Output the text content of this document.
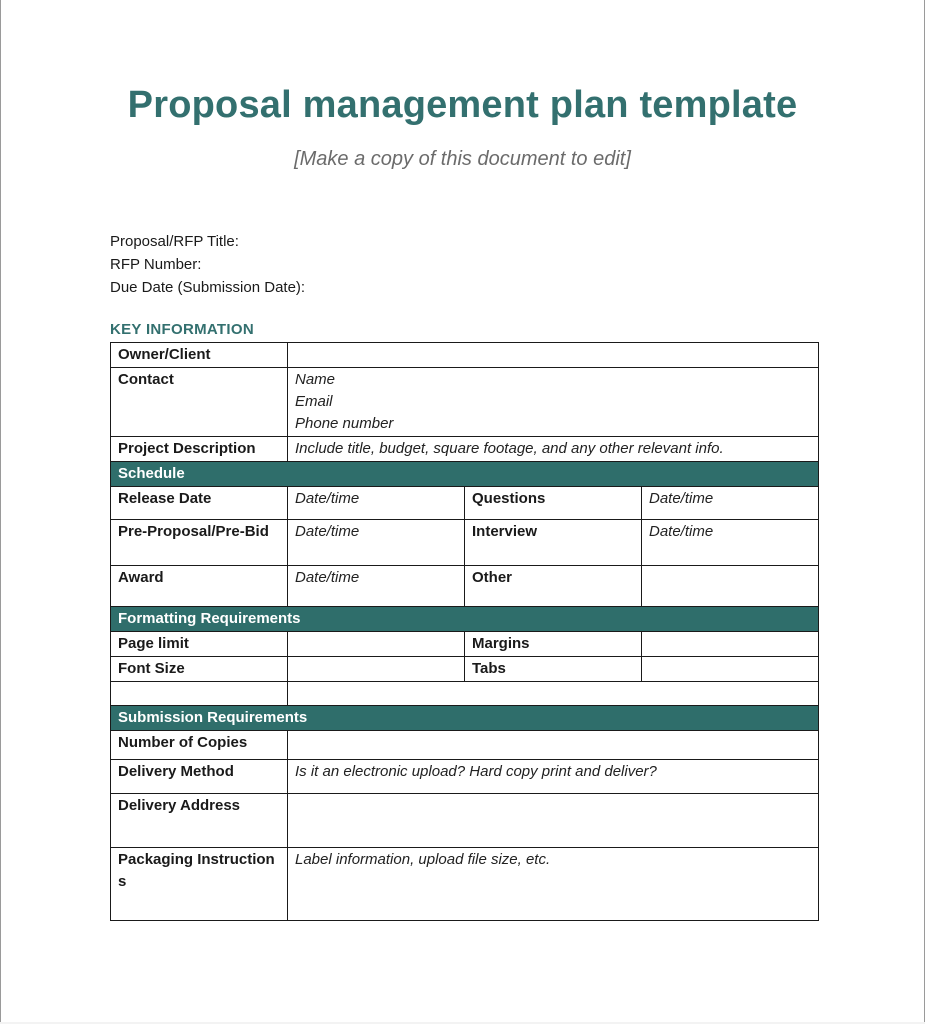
Proposal management plan template
[Make a copy of this document to edit]
Proposal/RFP Title:
RFP Number:
Due Date (Submission Date):
KEY INFORMATION
Owner/Client			
Contact	Name
Email
Phone number		

Project Description	Include title, budget, square footage, and any other relevant info.		
Schedule			
Release Date	Date/time	Questions	Date/time
Pre-Proposal/Pre-Bid	Date/time	Interview	Date/time
Award	Date/time	Other	
Formatting Requirements			
Page limit		Margins	
Font Size		Tabs	

Submission Requirements			
Number of Copies			
Delivery Method	Is it an electronic upload? Hard copy print and deliver?		
Delivery Address			
Packaging Instructions	Label information, upload file size, etc.		
